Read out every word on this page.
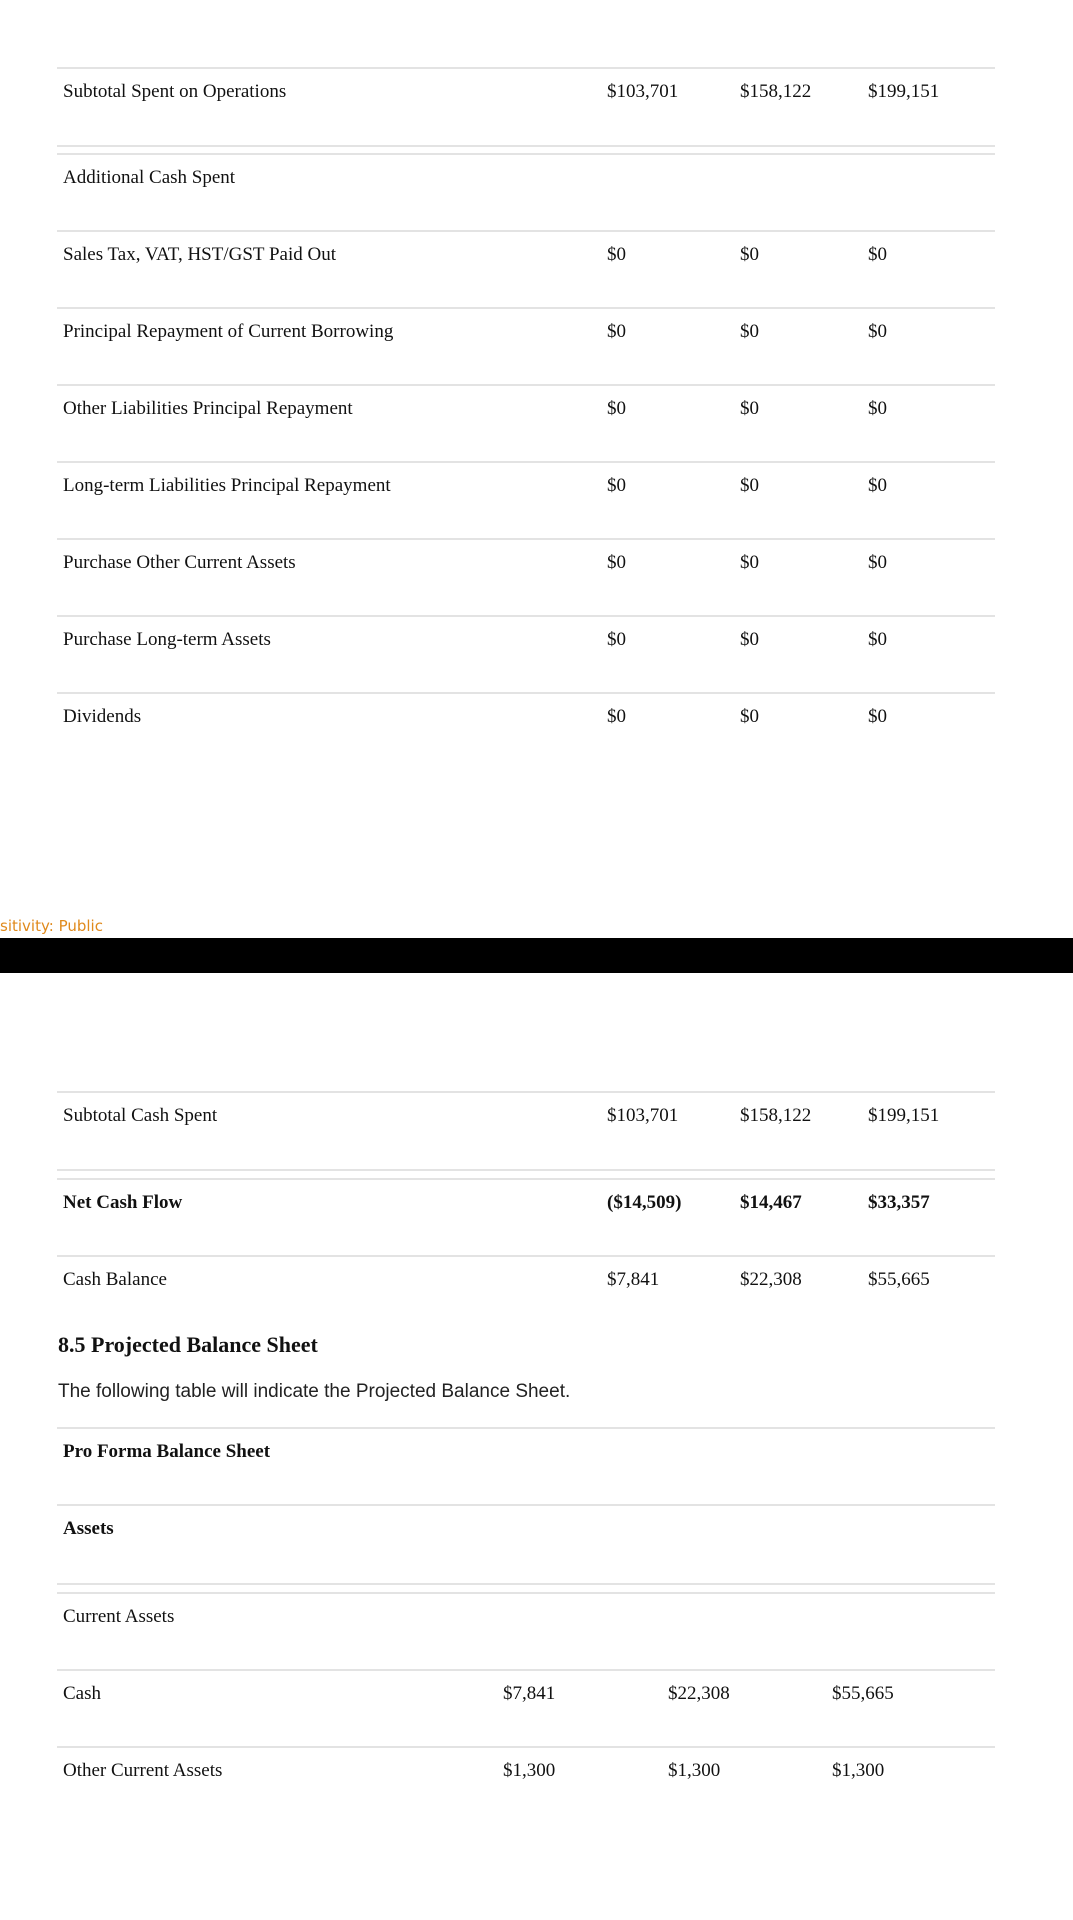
Subtotal Spent on Operations	$103,701	$158,122	$199,151
Additional Cash Spent
Sales Tax, VAT, HST/GST Paid Out	$0	$0	$0
Principal Repayment of Current Borrowing	$0	$0	$0
Other Liabilities Principal Repayment	$0	$0	$0
Long-term Liabilities Principal Repayment	$0	$0	$0
Purchase Other Current Assets	$0	$0	$0
Purchase Long-term Assets	$0	$0	$0
Dividends	$0	$0	$0
sitivity: Public
Subtotal Cash Spent	$103,701	$158,122	$199,151
Net Cash Flow	($14,509)	$14,467	$33,357
Cash Balance	$7,841	$22,308	$55,665
8.5 Projected Balance Sheet
The following table will indicate the Projected Balance Sheet.
Pro Forma Balance Sheet
Assets
Current Assets
Cash	$7,841	$22,308	$55,665
Other Current Assets	$1,300	$1,300	$1,300
